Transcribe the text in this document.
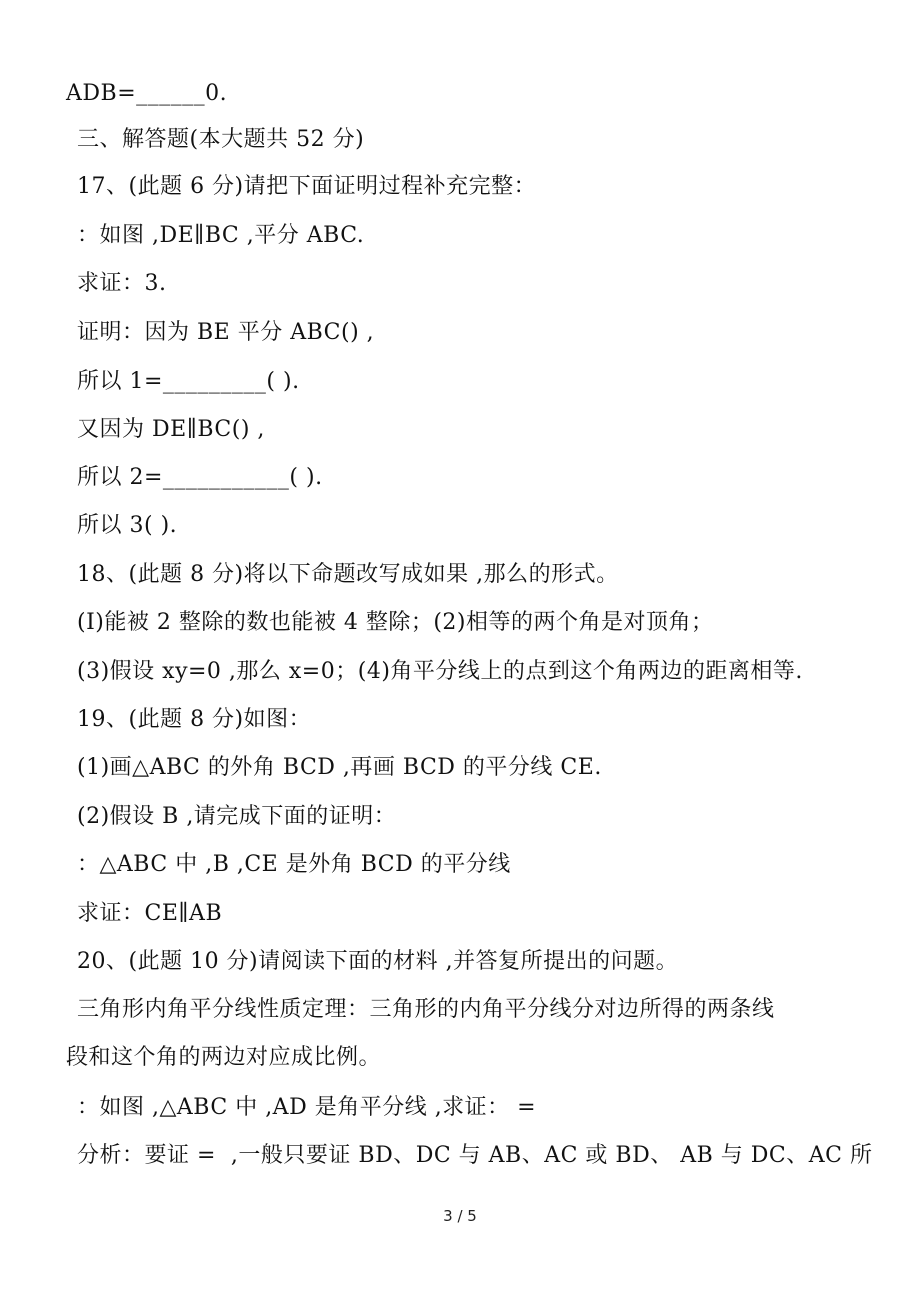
ADB=______0.
三、解答题(本大题共 52 分)
17、(此题 6 分)请把下面证明过程补充完整：
：如图 ,DE∥BC ,平分 ABC.
求证：3.
证明：因为 BE 平分 ABC() ,
所以 1=_________( ).
又因为 DE∥BC() ,
所以 2=___________( ).
所以 3( ).
18、(此题 8 分)将以下命题改写成如果 ,那么的形式。
(I)能被 2 整除的数也能被 4 整除；(2)相等的两个角是对顶角；
(3)假设 xy=0 ,那么 x=0；(4)角平分线上的点到这个角两边的距离相等.
19、(此题 8 分)如图：
(1)画△ABC 的外角 BCD ,再画 BCD 的平分线 CE.
(2)假设 B ,请完成下面的证明：
：△ABC 中 ,B ,CE 是外角 BCD 的平分线
求证：CE∥AB
20、(此题 10 分)请阅读下面的材料 ,并答复所提出的问题。
三角形内角平分线性质定理：三角形的内角平分线分对边所得的两条线
段和这个角的两边对应成比例。
：如图 ,△ABC 中 ,AD 是角平分线 ,求证： =
分析：要证 =  ,一般只要证 BD、DC 与 AB、AC 或 BD、 AB 与 DC、AC 所
3 / 5
